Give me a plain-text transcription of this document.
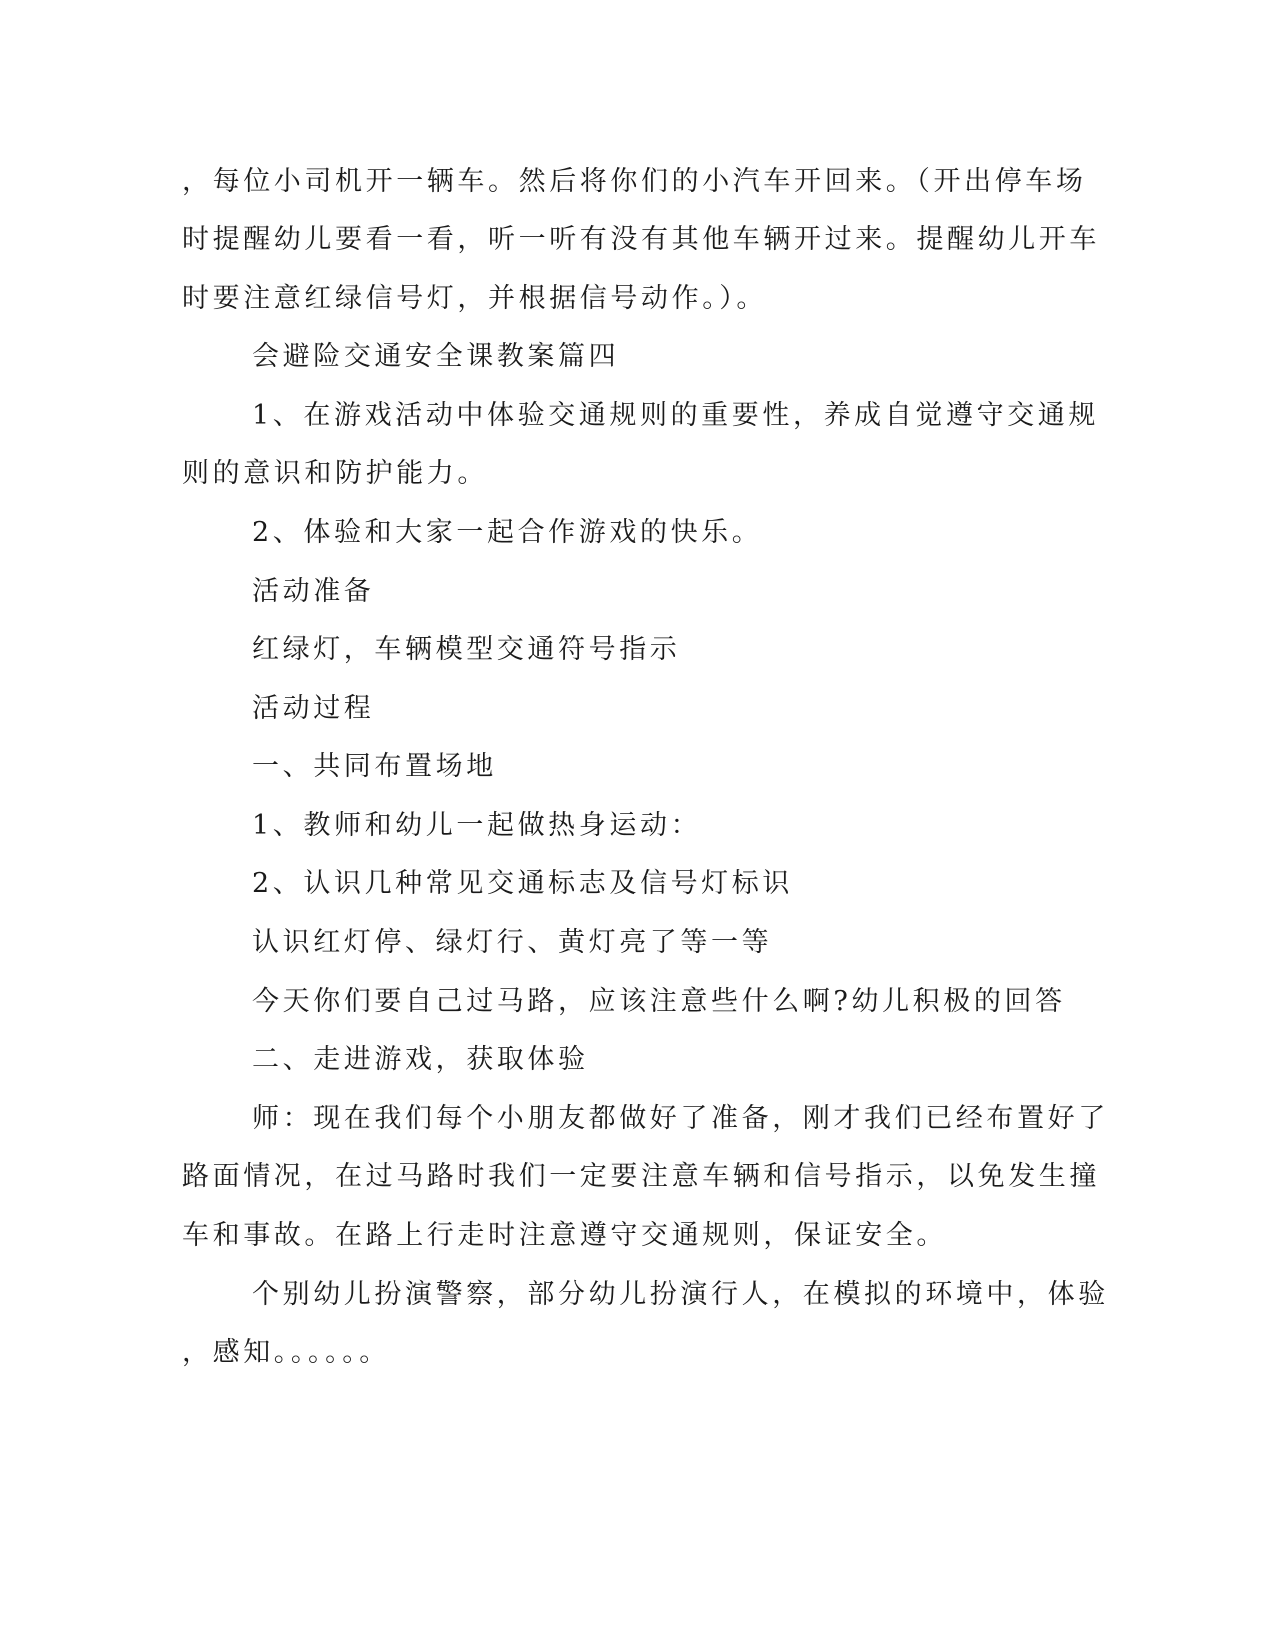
，每位小司机开一辆车。然后将你们的小汽车开回来。（开出停车场

时提醒幼儿要看一看，听一听有没有其他车辆开过来。提醒幼儿开车

时要注意红绿信号灯，并根据信号动作。）。

会避险交通安全课教案篇四

1、在游戏活动中体验交通规则的重要性，养成自觉遵守交通规

则的意识和防护能力。

2、体验和大家一起合作游戏的快乐。

活动准备

红绿灯，车辆模型交通符号指示

活动过程

一、共同布置场地

1、教师和幼儿一起做热身运动：

2、认识几种常见交通标志及信号灯标识

认识红灯停、绿灯行、黄灯亮了等一等

今天你们要自己过马路，应该注意些什么啊?幼儿积极的回答

二、走进游戏，获取体验

师：现在我们每个小朋友都做好了准备，刚才我们已经布置好了

路面情况，在过马路时我们一定要注意车辆和信号指示，以免发生撞

车和事故。在路上行走时注意遵守交通规则，保证安全。

个别幼儿扮演警察，部分幼儿扮演行人，在模拟的环境中，体验

，感知。。。。。。
